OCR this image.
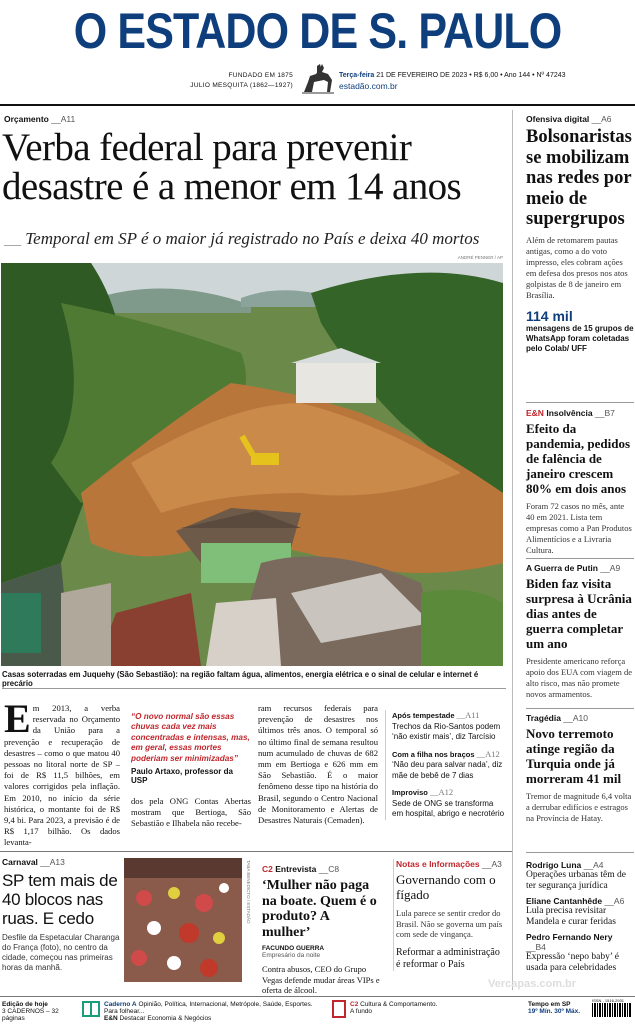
O ESTADO DE S. PAULO
FUNDADO EM 1875
JULIO MESQUITA (1862—1927)
Terça-feira 21 DE FEVEREIRO DE 2023 • R$ 6,00 • Ano 144 • Nº 47243
estadão.com.br
Orçamento __A11
Verba federal para prevenir desastre é a menor em 14 anos
__ Temporal em SP é o maior já registrado no País e deixa 40 mortos
ANDRÉ PENNER / AP
Casas soterradas em Juquehy (São Sebastião): na região faltam água, alimentos, energia elétrica e o sinal de celular e internet é precário
Em 2013, a verba reservada no Orçamento da União para a prevenção e recuperação de desastres – como o que matou 40 pessoas no litoral norte de SP – foi de R$ 11,5 bilhões, em valores corrigidos pela inflação. Em 2010, no início da série histórica, o montante foi de R$ 9,4 bi. Para 2023, a previsão é de R$ 1,17 bilhão. Os dados levanta-
“O novo normal são essas chuvas cada vez mais concentradas e intensas, mas, em geral, essas mortes poderiam ser minimizadas”
Paulo Artaxo, professor da USP
dos pela ONG Contas Abertas mostram que Bertioga, São Sebastião e Ilhabela não recebe-
ram recursos federais para prevenção de desastres nos últimos três anos. O temporal só no último final de semana resultou num acumulado de chuvas de 682 mm em Bertioga e 626 mm em São Sebastião. É o maior fenômeno desse tipo na história do Brasil, segundo o Centro Nacional de Monitoramento e Alertas de Desastres Naturais (Cemaden).
Após tempestade __A11
Trechos da Rio-Santos podem ‘não existir mais’, diz Tarcísio
Com a filha nos braços __A12
‘Não deu para salvar nada’, diz mãe de bebê de 7 dias
Improviso __A12
Sede de ONG se transforma em hospital, abrigo e necrotério
Ofensiva digital __A6
Bolsonaristas se mobilizam nas redes por meio de supergrupos

Além de retomarem pautas antigas, como a do voto impresso, eles cobram ações em defesa dos presos nos atos golpistas de 8 de janeiro em Brasília.

114 mil
mensagens de 15 grupos de WhatsApp foram coletadas pelo Colab/ UFF
E&N Insolvência __B7
Efeito da pandemia, pedidos de falência de janeiro crescem 80% em dois anos

Foram 72 casos no mês, ante 40 em 2021. Lista tem empresas como a Pan Produtos Alimentícios e a Livraria Cultura.

A Guerra de Putin __A9
Biden faz visita surpresa à Ucrânia dias antes de guerra completar um ano

Presidente americano reforça apoio dos EUA com viagem de alto risco, mas não promete novos armamentos.

Tragédia __A10
Novo terremoto atinge região da Turquia onde já morreram 41 mil

Tremor de magnitude 6,4 volta a derrubar edifícios e estragos na Província de Hatay.

Rodrigo Luna __A4
Operações urbanas têm de ter segurança jurídica
Eliane Cantanhêde __A6
Lula precisa revisitar Mandela e curar feridas
Pedro Fernando Nery __B4
Expressão ‘nepo baby’ é usada para celebridades
Carnaval __A13
SP tem mais de 40 blocos nas ruas. E cedo
Desfile da Espetacular Charanga do França (foto), no centro da cidade, começou nas primeiras horas da manhã.
TABA BENEDICTO / ESTADÃO C2 Entrevista __C8
‘Mulher não paga na boate. Quem é o produto? A mulher’
FACUNDO GUERRA
Empresário da noite
Contra abusos, CEO do Grupo Vegas defende mudar áreas VIPs e oferta de álcool.
Notas e Informações __A3
Governando com o fígado
Lula parece se sentir credor do Brasil. Não se governa um país com sede de vingança.
Reformar a administração é reformar o País
Vercapas.com.br
Edição de hoje
3 CADERNOS – 32 páginas
Caderno A Opinião, Política, Internacional, Metrópole, Saúde, Esportes. Para folhear...
E&N Destacar Economia & Negócios
C2 Cultura & Comportamento.
A fundo
Tempo em SP
19º Mín. 30º Máx.
ISSN - 1516-2931
